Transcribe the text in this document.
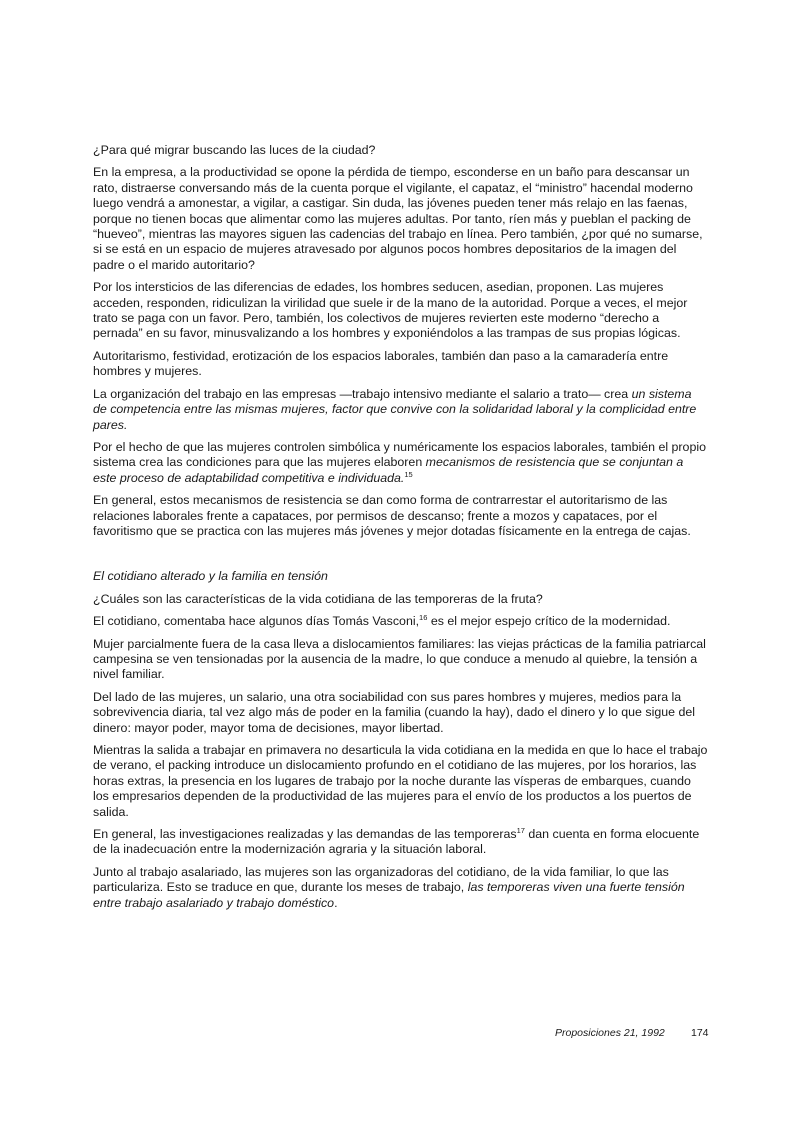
¿Para qué migrar buscando las luces de la ciudad?

En la empresa, a la productividad se opone la pérdida de tiempo, esconderse en un baño para descansar un rato, distraerse conversando más de la cuenta porque el vigilante, el capataz, el “ministro” hacendal moderno luego vendrá a amonestar, a vigilar, a castigar. Sin duda, las jóvenes pueden tener más relajo en las faenas, porque no tienen bocas que alimentar como las mujeres adultas. Por tanto, ríen más y pueblan el packing de “hueveo”, mientras las mayores siguen las cadencias del trabajo en línea. Pero también, ¿por qué no sumarse, si se está en un espacio de mujeres atravesado por algunos pocos hombres depositarios de la imagen del padre o el marido autoritario?

Por los intersticios de las diferencias de edades, los hombres seducen, asedian, proponen. Las mujeres acceden, responden, ridiculizan la virilidad que suele ir de la mano de la autoridad. Porque a veces, el mejor trato se paga con un favor. Pero, también, los colectivos de mujeres revierten este moderno “derecho a pernada” en su favor, minusvalizando a los hombres y exponiéndolos a las trampas de sus propias lógicas.

Autoritarismo, festividad, erotización de los espacios laborales, también dan paso a la camaradería entre hombres y mujeres.

La organización del trabajo en las empresas —trabajo intensivo mediante el salario a trato— crea un sistema de competencia entre las mismas mujeres, factor que convive con la solidaridad laboral y la complicidad entre pares.

Por el hecho de que las mujeres controlen simbólica y numéricamente los espacios laborales, también el propio sistema crea las condiciones para que las mujeres elaboren mecanismos de resistencia que se conjuntan a este proceso de adaptabilidad competitiva e individuada.$^{15}$

En general, estos mecanismos de resistencia se dan como forma de contrarrestar el autoritarismo de las relaciones laborales frente a capataces, por permisos de descanso; frente a mozos y capataces, por el favoritismo que se practica con las mujeres más jóvenes y mejor dotadas físicamente en la entrega de cajas.

El cotidiano alterado y la familia en tensión

¿Cuáles son las características de la vida cotidiana de las temporeras de la fruta?

El cotidiano, comentaba hace algunos días Tomás Vasconi,$^{16}$ es el mejor espejo crítico de la modernidad.

Mujer parcialmente fuera de la casa lleva a dislocamientos familiares: las viejas prácticas de la familia patriarcal campesina se ven tensionadas por la ausencia de la madre, lo que conduce a menudo al quiebre, la tensión a nivel familiar.

Del lado de las mujeres, un salario, una otra sociabilidad con sus pares hombres y mujeres, medios para la sobrevivencia diaria, tal vez algo más de poder en la familia (cuando la hay), dado el dinero y lo que sigue del dinero: mayor poder, mayor toma de decisiones, mayor libertad.

Mientras la salida a trabajar en primavera no desarticula la vida cotidiana en la medida en que lo hace el trabajo de verano, el packing introduce un dislocamiento profundo en el cotidiano de las mujeres, por los horarios, las horas extras, la presencia en los lugares de trabajo por la noche durante las vísperas de embarques, cuando los empresarios dependen de la productividad de las mujeres para el envío de los productos a los puertos de salida.

En general, las investigaciones realizadas y las demandas de las temporeras$^{17}$ dan cuenta en forma elocuente de la inadecuación entre la modernización agraria y la situación laboral.

Junto al trabajo asalariado, las mujeres son las organizadoras del cotidiano, de la vida familiar, lo que las particulariza. Esto se traduce en que, durante los meses de trabajo, las temporeras viven una fuerte tensión entre trabajo asalariado y trabajo doméstico.

Proposiciones 21, 1992	174
